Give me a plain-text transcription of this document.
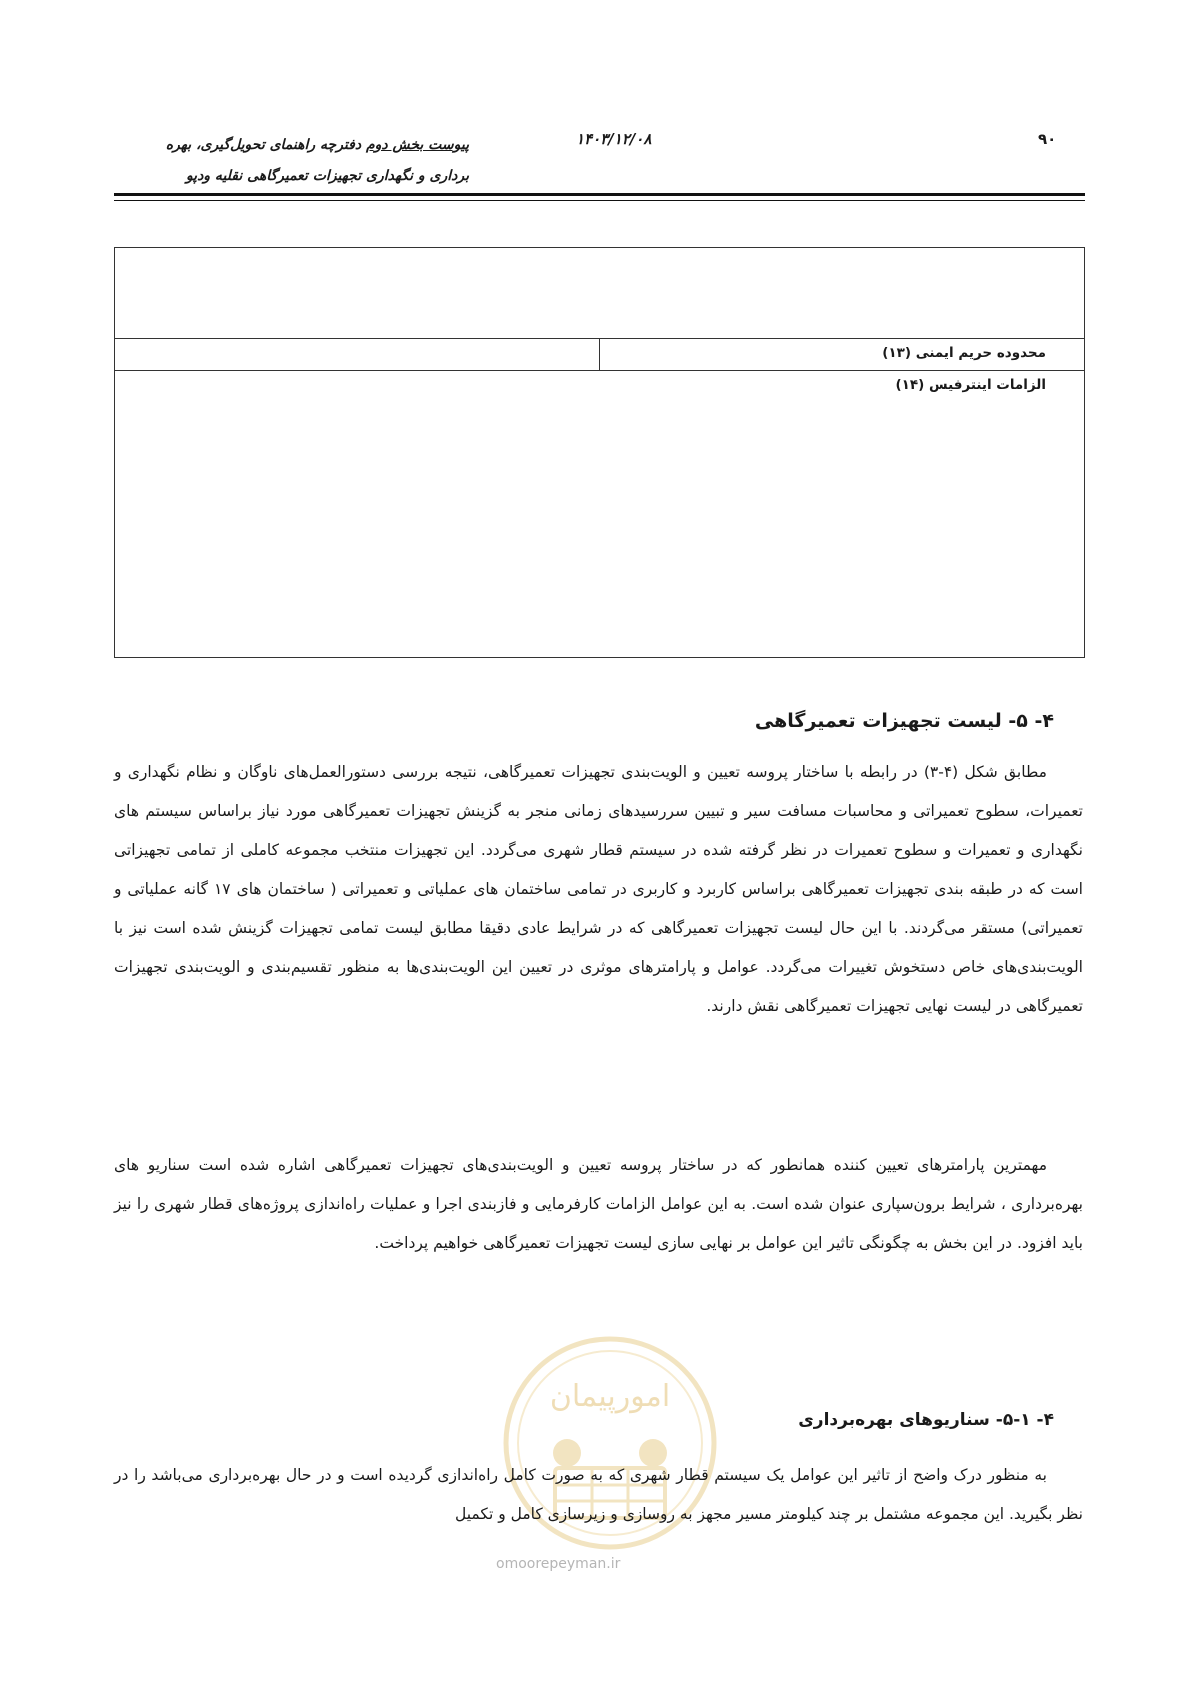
۹۰
۱۴۰۳/۱۲/۰۸
پیوست بخش دوم دفترچه راهنمای تحویل‌گیری، بهره
برداری و نگهداری تجهیزات تعمیرگاهی نقلیه ودپو
محدوده حریم ایمنی (۱۳)
الزامات اینترفیس (۱۴)
۴- ۵- لیست تجهیزات تعمیرگاهی
مطابق شکل (۴-۳) در رابطه با ساختار پروسه تعیین و الویت‌بندی تجهیزات تعمیرگاهی، نتیجه بررسی دستورالعمل‌های ناوگان و نظام نگهداری و تعمیرات، سطوح تعمیراتی و محاسبات مسافت سیر و تبیین سررسیدهای زمانی منجر به گزینش تجهیزات تعمیرگاهی مورد نیاز براساس سیستم های نگهداری و تعمیرات و سطوح تعمیرات در نظر گرفته شده در سیستم قطار شهری می‌گردد. این تجهیزات منتخب مجموعه کاملی از تمامی تجهیزاتی است که در طبقه بندی تجهیزات تعمیرگاهی براساس کاربرد و کاربری در تمامی ساختمان های عملیاتی و تعمیراتی ( ساختمان های ۱۷ گانه عملیاتی و تعمیراتی) مستقر می‌گردند. با این حال لیست تجهیزات تعمیرگاهی که در شرایط عادی دقیقا مطابق لیست تمامی تجهیزات گزینش شده است نیز با الویت‌بندی‌های خاص دستخوش تغییرات می‌گردد. عوامل و پارامترهای موثری در تعیین این الویت‌بندی‌ها به منظور تقسیم‌بندی و الویت‌بندی تجهیزات تعمیرگاهی در لیست نهایی تجهیزات تعمیرگاهی نقش دارند.
مهمترین پارامترهای تعیین کننده همانطور که در ساختار پروسه تعیین و الویت‌بندی‌های تجهیزات تعمیرگاهی اشاره شده است سناریو های بهره‌برداری ، شرایط برون‌سپاری عنوان شده است. به این عوامل الزامات کارفرمایی و فازبندی اجرا و عملیات راه‌اندازی پروژه‌های قطار شهری را نیز باید افزود. در این بخش به چگونگی تاثیر این عوامل بر نهایی سازی لیست تجهیزات تعمیرگاهی خواهیم پرداخت.
امورپیمان
omoorepeyman.ir
۴- ۵-۱- سناریوهای بهره‌برداری
به منظور درک واضح از تاثیر این عوامل یک سیستم قطار شهری که به صورت کامل راه‌اندازی گردیده است و در حال بهره‌برداری می‌باشد را در نظر بگیرید. این مجموعه مشتمل بر چند کیلومتر مسیر مجهز به روسازی و زیرسازی کامل و تکمیل
